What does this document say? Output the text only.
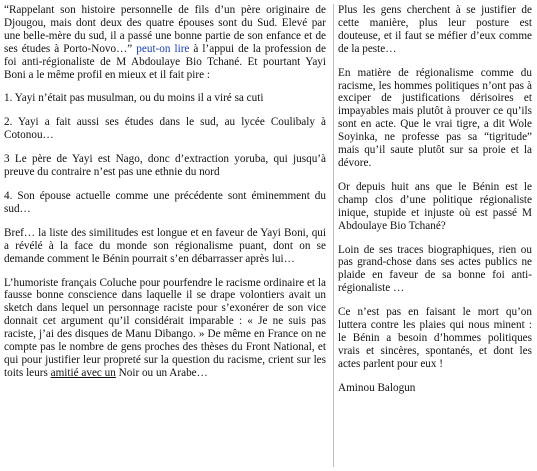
“Rappelant son histoire personnelle de fils d’un père originaire de Djougou, mais dont deux des quatre épouses sont du Sud. Elevé par une belle-mère du sud, il a passé une bonne partie de son enfance et de ses études à Porto-Novo…” peut-on lire à l’appui de la profession de foi anti-régionaliste de M Abdoulaye Bio Tchané. Et pourtant Yayi Boni a le même profil en mieux et il fait pire :

1. Yayi n’était pas musulman, ou du moins il a viré sa cuti

2. Yayi a fait aussi ses études dans le sud, au lycée Coulibaly à Cotonou…

3 Le père de Yayi est Nago, donc d’extraction yoruba, qui jusqu’à preuve du contraire n’est pas une ethnie du nord

4. Son épouse actuelle comme une précédente sont éminemment du sud…

Bref… la liste des similitudes est longue et en faveur de Yayi Boni, qui a révélé à la face du monde son régionalisme puant, dont on se demande comment le Bénin pourrait s’en débarrasser après lui…

L’humoriste français Coluche pour pourfendre le racisme ordinaire et la fausse bonne conscience dans laquelle il se drape volontiers avait un sketch dans lequel un personnage raciste pour s’exonérer de son vice donnait cet argument qu’il considérait imparable : « Je ne suis pas raciste, j’ai des disques de Manu Dibango. » De même en France on ne compte pas le nombre de gens proches des thèses du Front National, et qui pour justifier leur propreté sur la question du racisme, crient sur les toits leurs amitié avec un Noir ou un Arabe…

Plus les gens cherchent à se justifier de cette manière, plus leur posture est douteuse, et il faut se méfier d’eux comme de la peste…

En matière de régionalisme comme du racisme, les hommes politiques n’ont pas à exciper de justifications dérisoires et impayables mais plutôt à prouver ce qu’ils sont en acte. Que le vrai tigre, a dit Wole Soyinka, ne professe pas sa “tigritude” mais qu’il saute plutôt sur sa proie et la dévore.

Or depuis huit ans que le Bénin est le champ clos d’une politique régionaliste inique, stupide et injuste où est passé M Abdoulaye Bio Tchané?

Loin de ses traces biographiques, rien ou pas grand-chose dans ses actes publics ne plaide en faveur de sa bonne foi anti-régionaliste …

Ce n’est pas en faisant le mort qu’on luttera contre les plaies qui nous minent : le Bénin a besoin d’hommes politiques vrais et sincères, spontanés, et dont les actes parlent pour eux !

Aminou Balogun
